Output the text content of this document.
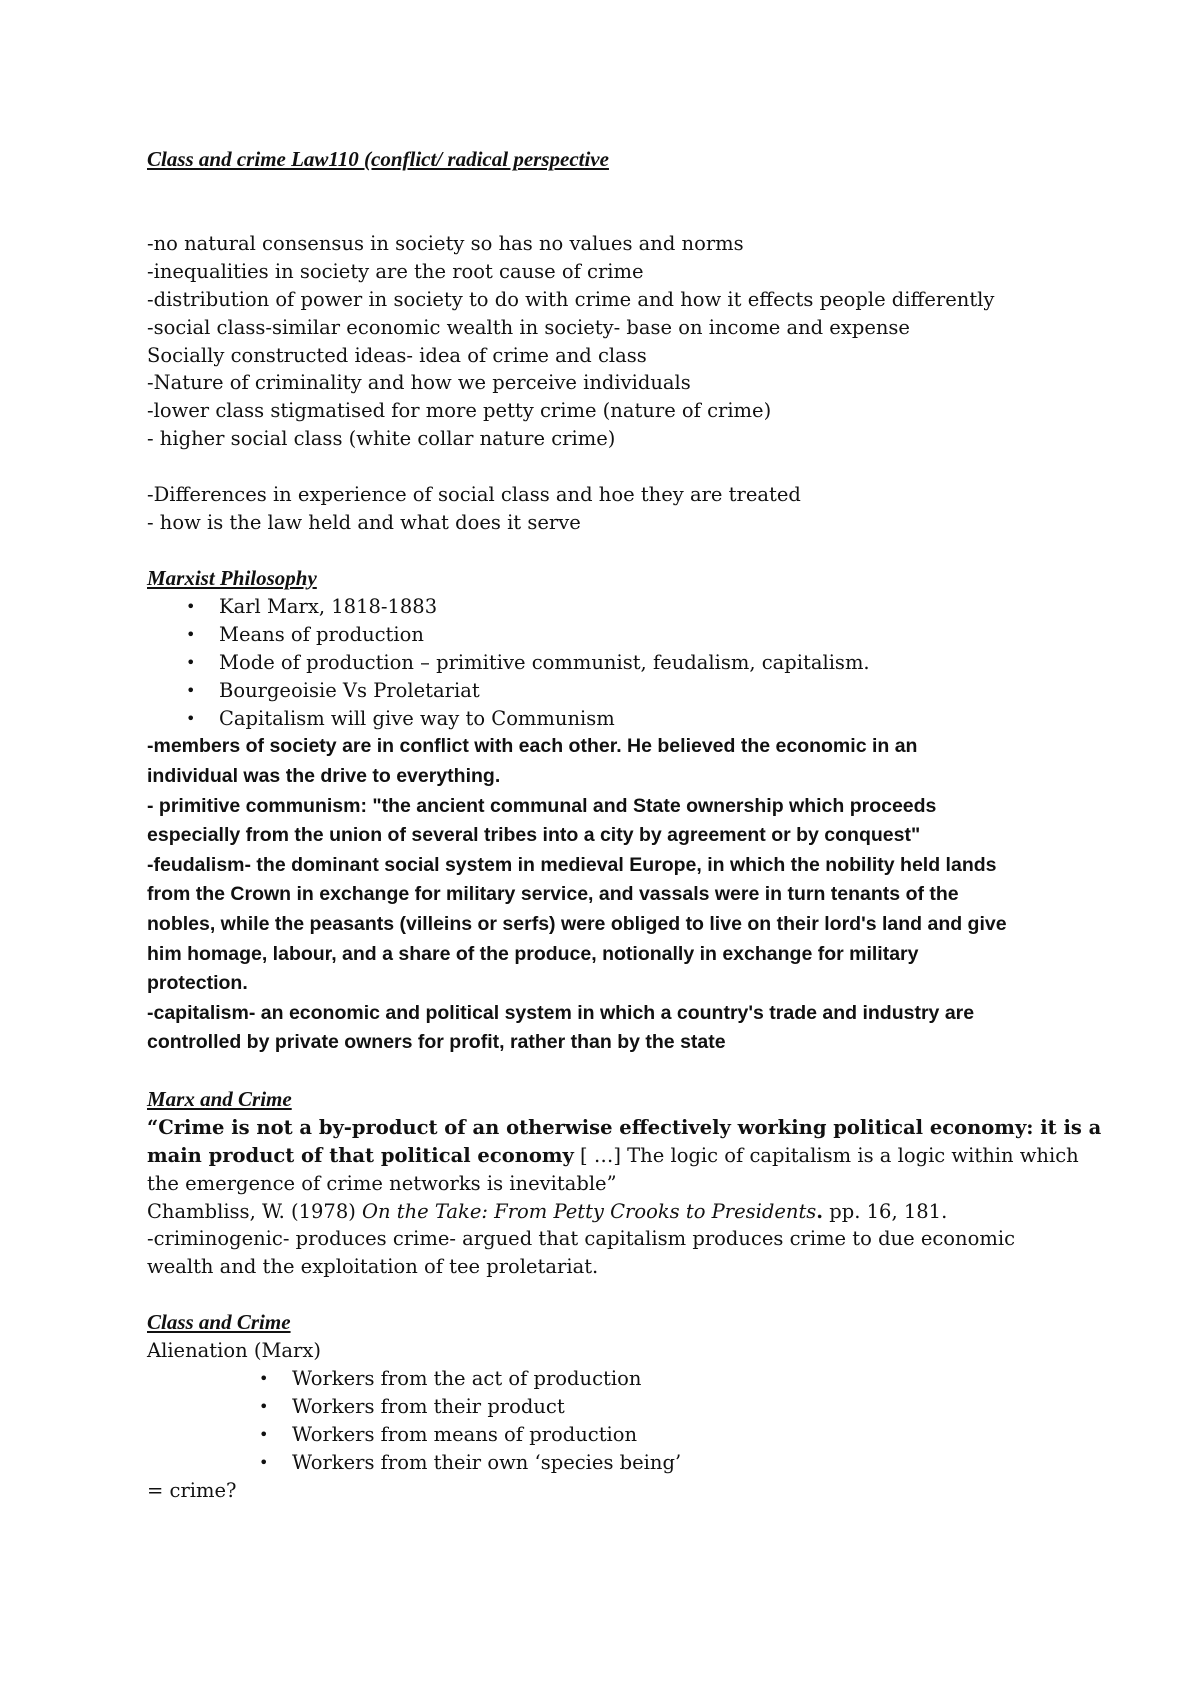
Class and crime Law110 (conflict/ radical perspective
-no natural consensus in society so has no values and norms
-inequalities in society are the root cause of crime
-distribution of power in society to do with crime and how it effects people differently
-social class-similar economic wealth in society- base on income and expense
Socially constructed ideas- idea of crime and class
-Nature of criminality and how we perceive individuals
-lower class stigmatised for more petty crime (nature of crime)
- higher social class (white collar nature crime)
-Differences in experience of social class and hoe they are treated
- how is the law held and what does it serve
Marxist Philosophy
• Karl Marx, 1818-1883
• Means of production
• Mode of production – primitive communist, feudalism, capitalism.
• Bourgeoisie Vs Proletariat
• Capitalism will give way to Communism
-members of society are in conflict with each other. He believed the economic in an
individual was the drive to everything.
- primitive communism: "the ancient communal and State ownership which proceeds
especially from the union of several tribes into a city by agreement or by conquest"
-feudalism- the dominant social system in medieval Europe, in which the nobility held lands
from the Crown in exchange for military service, and vassals were in turn tenants of the
nobles, while the peasants (villeins or serfs) were obliged to live on their lord's land and give
him homage, labour, and a share of the produce, notionally in exchange for military
protection.
-capitalism- an economic and political system in which a country's trade and industry are
controlled by private owners for profit, rather than by the state
Marx and Crime
“Crime is not a by-product of an otherwise effectively working political economy: it is a
main product of that political economy [ …] The logic of capitalism is a logic within which
the emergence of crime networks is inevitable”
Chambliss, W. (1978) On the Take: From Petty Crooks to Presidents. pp. 16, 181.
-criminogenic- produces crime- argued that capitalism produces crime to due economic
wealth and the exploitation of tee proletariat.
Class and Crime
Alienation (Marx)
• Workers from the act of production
• Workers from their product
• Workers from means of production
• Workers from their own ‘species being’
= crime?
